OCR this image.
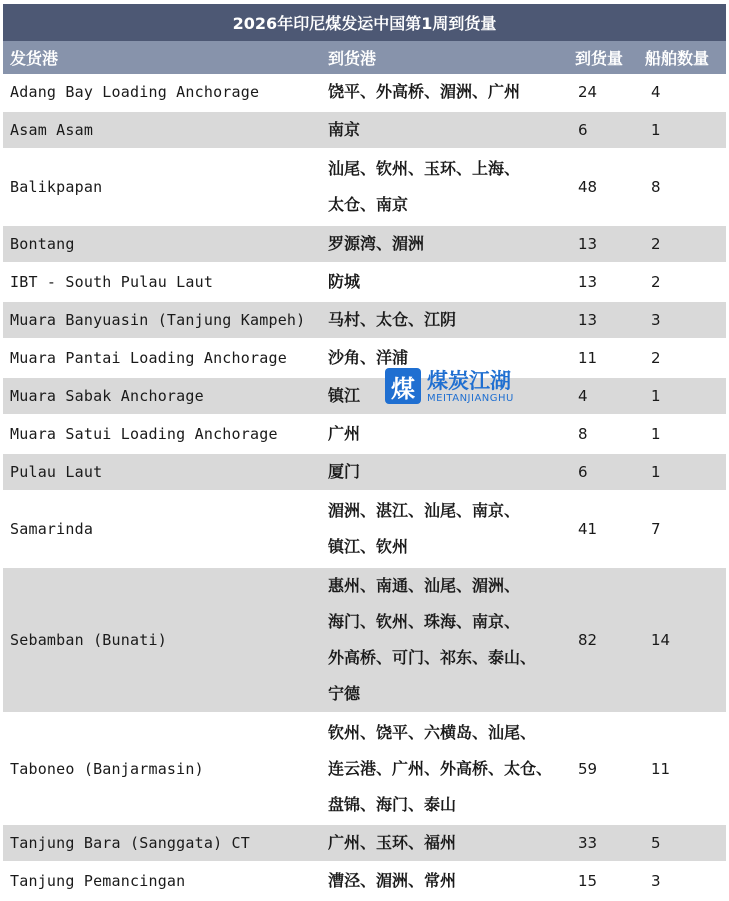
2026年印尼煤发运中国第1周到货量
发货港	到货港	到货量	船舶数量
Adang Bay Loading Anchorage	饶平、外高桥、湄洲、广州	24	4
Asam Asam	南京	6	1
Balikpapan	汕尾、钦州、玉环、上海、
太仓、南京	48	8
Bontang	罗源湾、湄洲	13	2
IBT - South Pulau Laut	防城	13	2
Muara Banyuasin (Tanjung Kampeh)	马村、太仓、江阴	13	3
Muara Pantai Loading Anchorage	沙角、洋浦	11	2
Muara Sabak Anchorage	镇江	4	1
Muara Satui Loading Anchorage	广州	8	1
Pulau Laut	厦门	6	1
Samarinda	湄洲、湛江、汕尾、南京、
镇江、钦州	41	7
Sebamban (Bunati)	惠州、南通、汕尾、湄洲、
海门、钦州、珠海、南京、
外高桥、可门、祁东、泰山、
宁德	82	14
Taboneo (Banjarmasin)	钦州、饶平、六横岛、汕尾、
连云港、广州、外高桥、太仓、
盘锦、海门、泰山	59	11
Tanjung Bara (Sanggata) CT	广州、玉环、福州	33	5
Tanjung Pemancingan	漕泾、湄洲、常州	15	3
煤 煤炭江湖
MEITANJIANGHU
